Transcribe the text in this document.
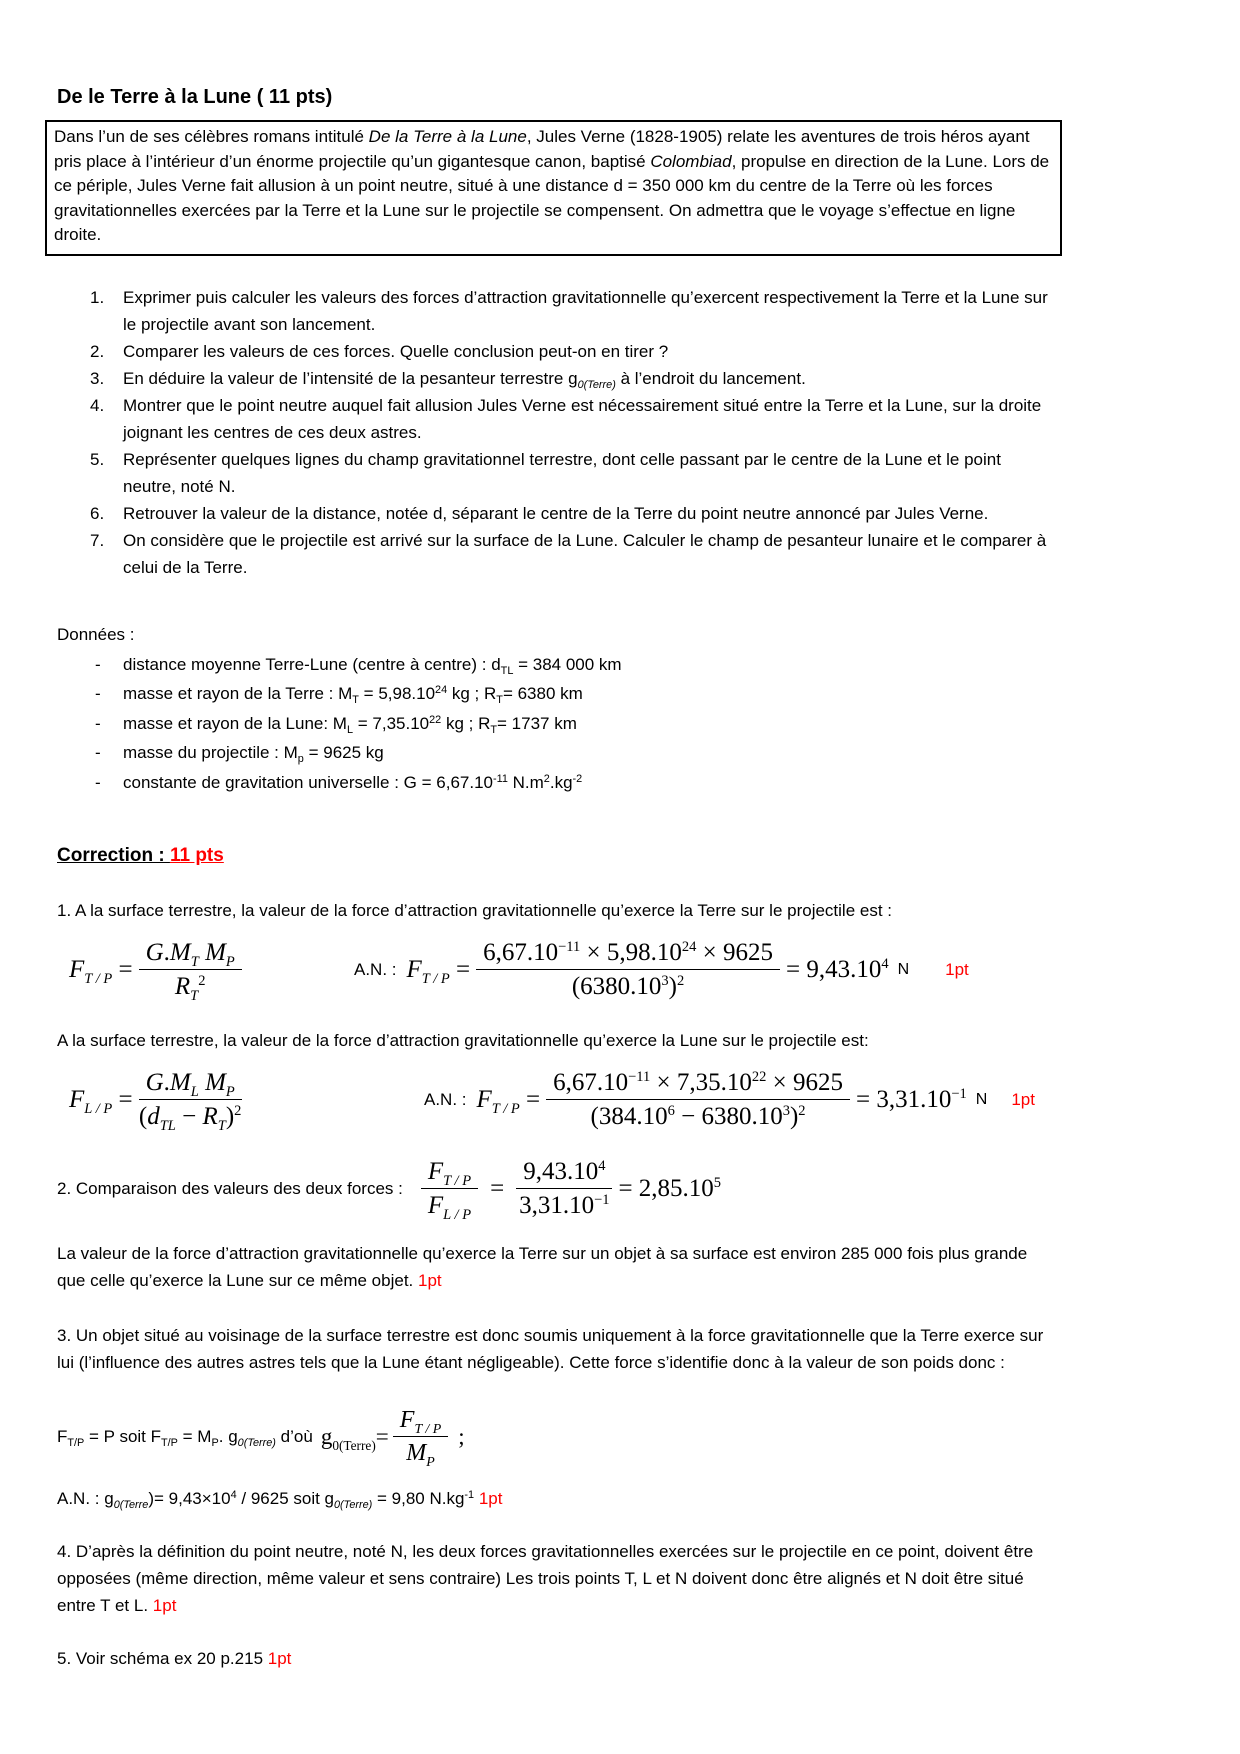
De le Terre à la Lune ( 11 pts)

Dans l’un de ses célèbres romans intitulé De la Terre à la Lune, Jules Verne (1828-1905) relate les aventures de trois héros ayant pris place à l’intérieur d’un énorme projectile qu’un gigantesque canon, baptisé Colombiad, propulse en direction de la Lune. Lors de ce périple, Jules Verne fait allusion à un point neutre, situé à une distance d = 350 000 km du centre de la Terre où les forces gravitationnelles exercées par la Terre et la Lune sur le projectile se compensent. On admettra que le voyage s’effectue en ligne droite.

1.	Exprimer puis calculer les valeurs des forces d’attraction gravitationnelle qu’exercent respectivement la Terre et la Lune sur le projectile avant son lancement.
2.	Comparer les valeurs de ces forces. Quelle conclusion peut-on en tirer ?
3.	En déduire la valeur de l’intensité de la pesanteur terrestre $g_{0(Terre)}$ à l’endroit du lancement.
4.	Montrer que le point neutre auquel fait allusion Jules Verne est nécessairement situé entre la Terre et la Lune, sur la droite joignant les centres de ces deux astres.
5.	Représenter quelques lignes du champ gravitationnel terrestre, dont celle passant par le centre de la Lune et le point neutre, noté N.
6.	Retrouver la valeur de la distance, notée d, séparant le centre de la Terre du point neutre annoncé par Jules Verne.
7.	On considère que le projectile est arrivé sur la surface de la Lune. Calculer le champ de pesanteur lunaire et le comparer à celui de la Terre.

Données :

-	distance moyenne Terre-Lune (centre à centre) : $d_{TL} = 384$ 000 km
-	masse et rayon de la Terre : $M_T = 5,98.10^{24}$ kg ; $R_T= 6380$ km
-	masse et rayon de la Lune: $M_L = 7,35.10^{22}$ kg ; $R_T= 1737$ km
-	masse du projectile : $M_p = 9625$ kg
-	constante de gravitation universelle : $G = 6,67.10^{-11}$ $N.m^2.kg^{-2}$
Correction : 11 pts

1. A la surface terrestre, la valeur de la force d’attraction gravitationnelle qu’exerce la Terre sur le projectile est :

$F_{T / P} = \frac{G.M_T M_P}{R_T^2}$	A.N. : $F_{T / P} = \frac{6,67.10^{-11} \times 5,98.10^{24} \times 9625}{(6380.10^3)^2} = 9,43.10^4$ N 1pt

A la surface terrestre, la valeur de la force d’attraction gravitationnelle qu’exerce la Lune sur le projectile est:

$F_{L / P} = \frac{G.M_L M_P}{(d_{TL} - R_T)^2}$	A.N. : $F_{T / P} = \frac{6,67.10^{-11} \times 7,35.10^{22} \times 9625}{(384.10^6 - 6380.10^3)^2} = 3,31.10^{-1}$ N 1pt
2. Comparaison des valeurs des deux forces : $\frac{F_{T / P}}{F_{L / P}} = \frac{9,43.10^4}{3,31.10^{-1}} = 2,85.10^5$

La valeur de la force d’attraction gravitationnelle qu’exerce la Terre sur un objet à sa surface est environ 285 000 fois plus grande que celle qu’exerce la Lune sur ce même objet. 1pt

3. Un objet situé au voisinage de la surface terrestre est donc soumis uniquement à la force gravitationnelle que la Terre exerce sur lui (l’influence des autres astres tels que la Lune étant négligeable). Cette force s’identifie donc à la valeur de son poids donc :

$F_{T/P} = P$ soit $F_{T/P} = M_P$. $g_{0(Terre)}$ d’où $g_{0(Terre)}= \frac{F_{T / P}}{M_P}$ ;

A.N. : $g_{0(Terre})= 9,43\times 10^4 / 9625$ soit $g_{0(Terre)} = 9,80$ $N.kg^{-1}$ 1pt

4. D’après la définition du point neutre, noté N, les deux forces gravitationnelles exercées sur le projectile en ce point, doivent être opposées (même direction, même valeur et sens contraire) Les trois points T, L et N doivent donc être alignés et N doit être situé entre T et L. 1pt

5. Voir schéma ex 20 p.215 1pt
